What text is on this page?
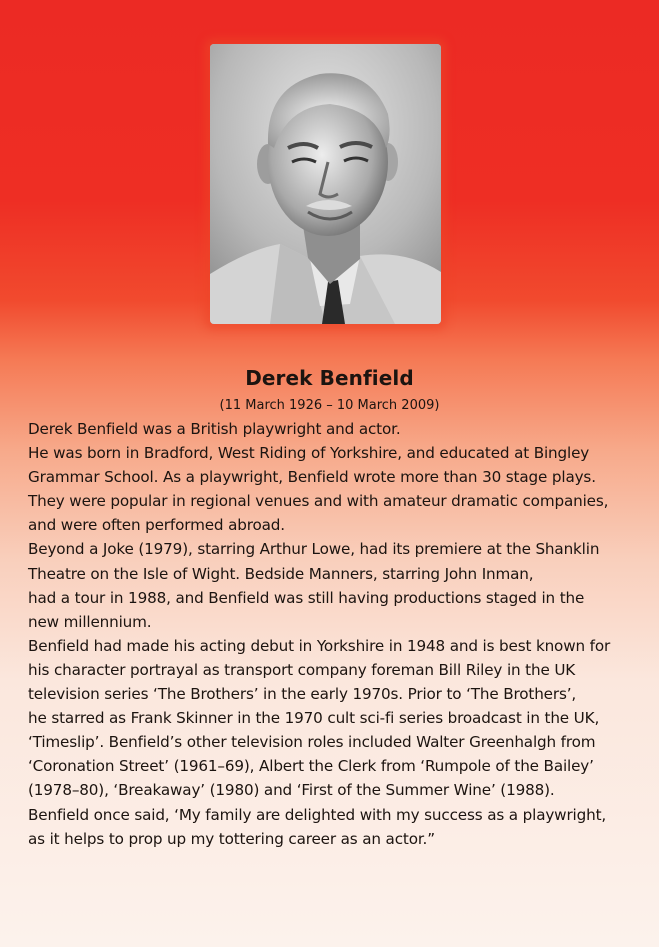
Derek Benfield
(11 March 1926 – 10 March 2009)
Derek Benfield was a British playwright and actor.
He was born in Bradford, West Riding of Yorkshire, and educated at Bingley
Grammar School. As a playwright, Benfield wrote more than 30 stage plays.
They were popular in regional venues and with amateur dramatic companies,
and were often performed abroad.
Beyond a Joke (1979), starring Arthur Lowe, had its premiere at the Shanklin
Theatre on the Isle of Wight. Bedside Manners, starring John Inman,
had a tour in 1988, and Benfield was still having productions staged in the
new millennium.
Benfield had made his acting debut in Yorkshire in 1948 and is best known for
his character portrayal as transport company foreman Bill Riley in the UK
television series ‘The Brothers’ in the early 1970s. Prior to ‘The Brothers’,
he starred as Frank Skinner in the 1970 cult sci-fi series broadcast in the UK,
‘Timeslip’. Benfield’s other television roles included Walter Greenhalgh from
‘Coronation Street’ (1961–69), Albert the Clerk from ‘Rumpole of the Bailey’
(1978–80), ‘Breakaway’ (1980) and ‘First of the Summer Wine’ (1988).
Benfield once said, ‘My family are delighted with my success as a playwright,
as it helps to prop up my tottering career as an actor.”
